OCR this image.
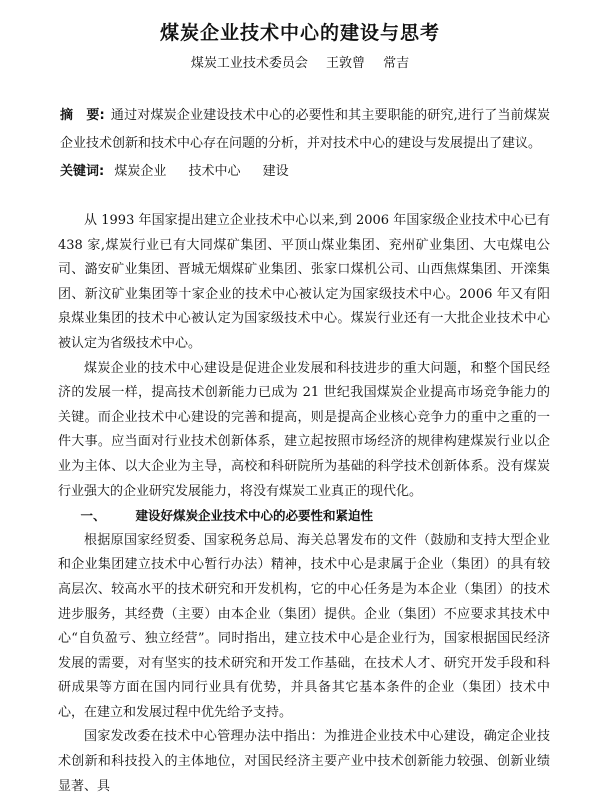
煤炭企业技术中心的建设与思考
煤炭工业技术委员会 王敦曾 常吉
摘　要: 通过对煤炭企业建设技术中心的必要性和其主要职能的研究,进行了当前煤炭企业技术创新和技术中心存在问题的分析，并对技术中心的建设与发展提出了建议。
关键词: 煤炭企业 技术中心 建设

从 1993 年国家提出建立企业技术中心以来,到 2006 年国家级企业技术中心已有 438 家,煤炭行业已有大同煤矿集团、平顶山煤业集团、兖州矿业集团、大屯煤电公司、潞安矿业集团、晋城无烟煤矿业集团、张家口煤机公司、山西焦煤集团、开滦集团、新汶矿业集团等十家企业的技术中心被认定为国家级技术中心。2006 年又有阳泉煤业集团的技术中心被认定为国家级技术中心。煤炭行业还有一大批企业技术中心被认定为省级技术中心。

煤炭企业的技术中心建设是促进企业发展和科技进步的重大问题，和整个国民经济的发展一样，提高技术创新能力已成为 21 世纪我国煤炭企业提高市场竞争能力的关键。而企业技术中心建设的完善和提高，则是提高企业核心竞争力的重中之重的一件大事。应当面对行业技术创新体系，建立起按照市场经济的规律构建煤炭行业以企业为主体、以大企业为主导，高校和科研院所为基础的科学技术创新体系。没有煤炭行业强大的企业研究发展能力，将没有煤炭工业真正的现代化。

一、 建设好煤炭企业技术中心的必要性和紧迫性

根据原国家经贸委、国家税务总局、海关总署发布的文件（鼓励和支持大型企业和企业集团建立技术中心暂行办法）精神，技术中心是隶属于企业（集团）的具有较高层次、较高水平的技术研究和开发机构，它的中心任务是为本企业（集团）的技术进步服务，其经费（主要）由本企业（集团）提供。企业（集团）不应要求其技术中心“自负盈亏、独立经营”。同时指出，建立技术中心是企业行为，国家根据国民经济发展的需要，对有坚实的技术研究和开发工作基础，在技术人才、研究开发手段和科研成果等方面在国内同行业具有优势，并具备其它基本条件的企业（集团）技术中心，在建立和发展过程中优先给予支持。

国家发改委在技术中心管理办法中指出：为推进企业技术中心建设，确定企业技术创新和科技投入的主体地位，对国民经济主要产业中技术创新能力较强、创新业绩显著、具
